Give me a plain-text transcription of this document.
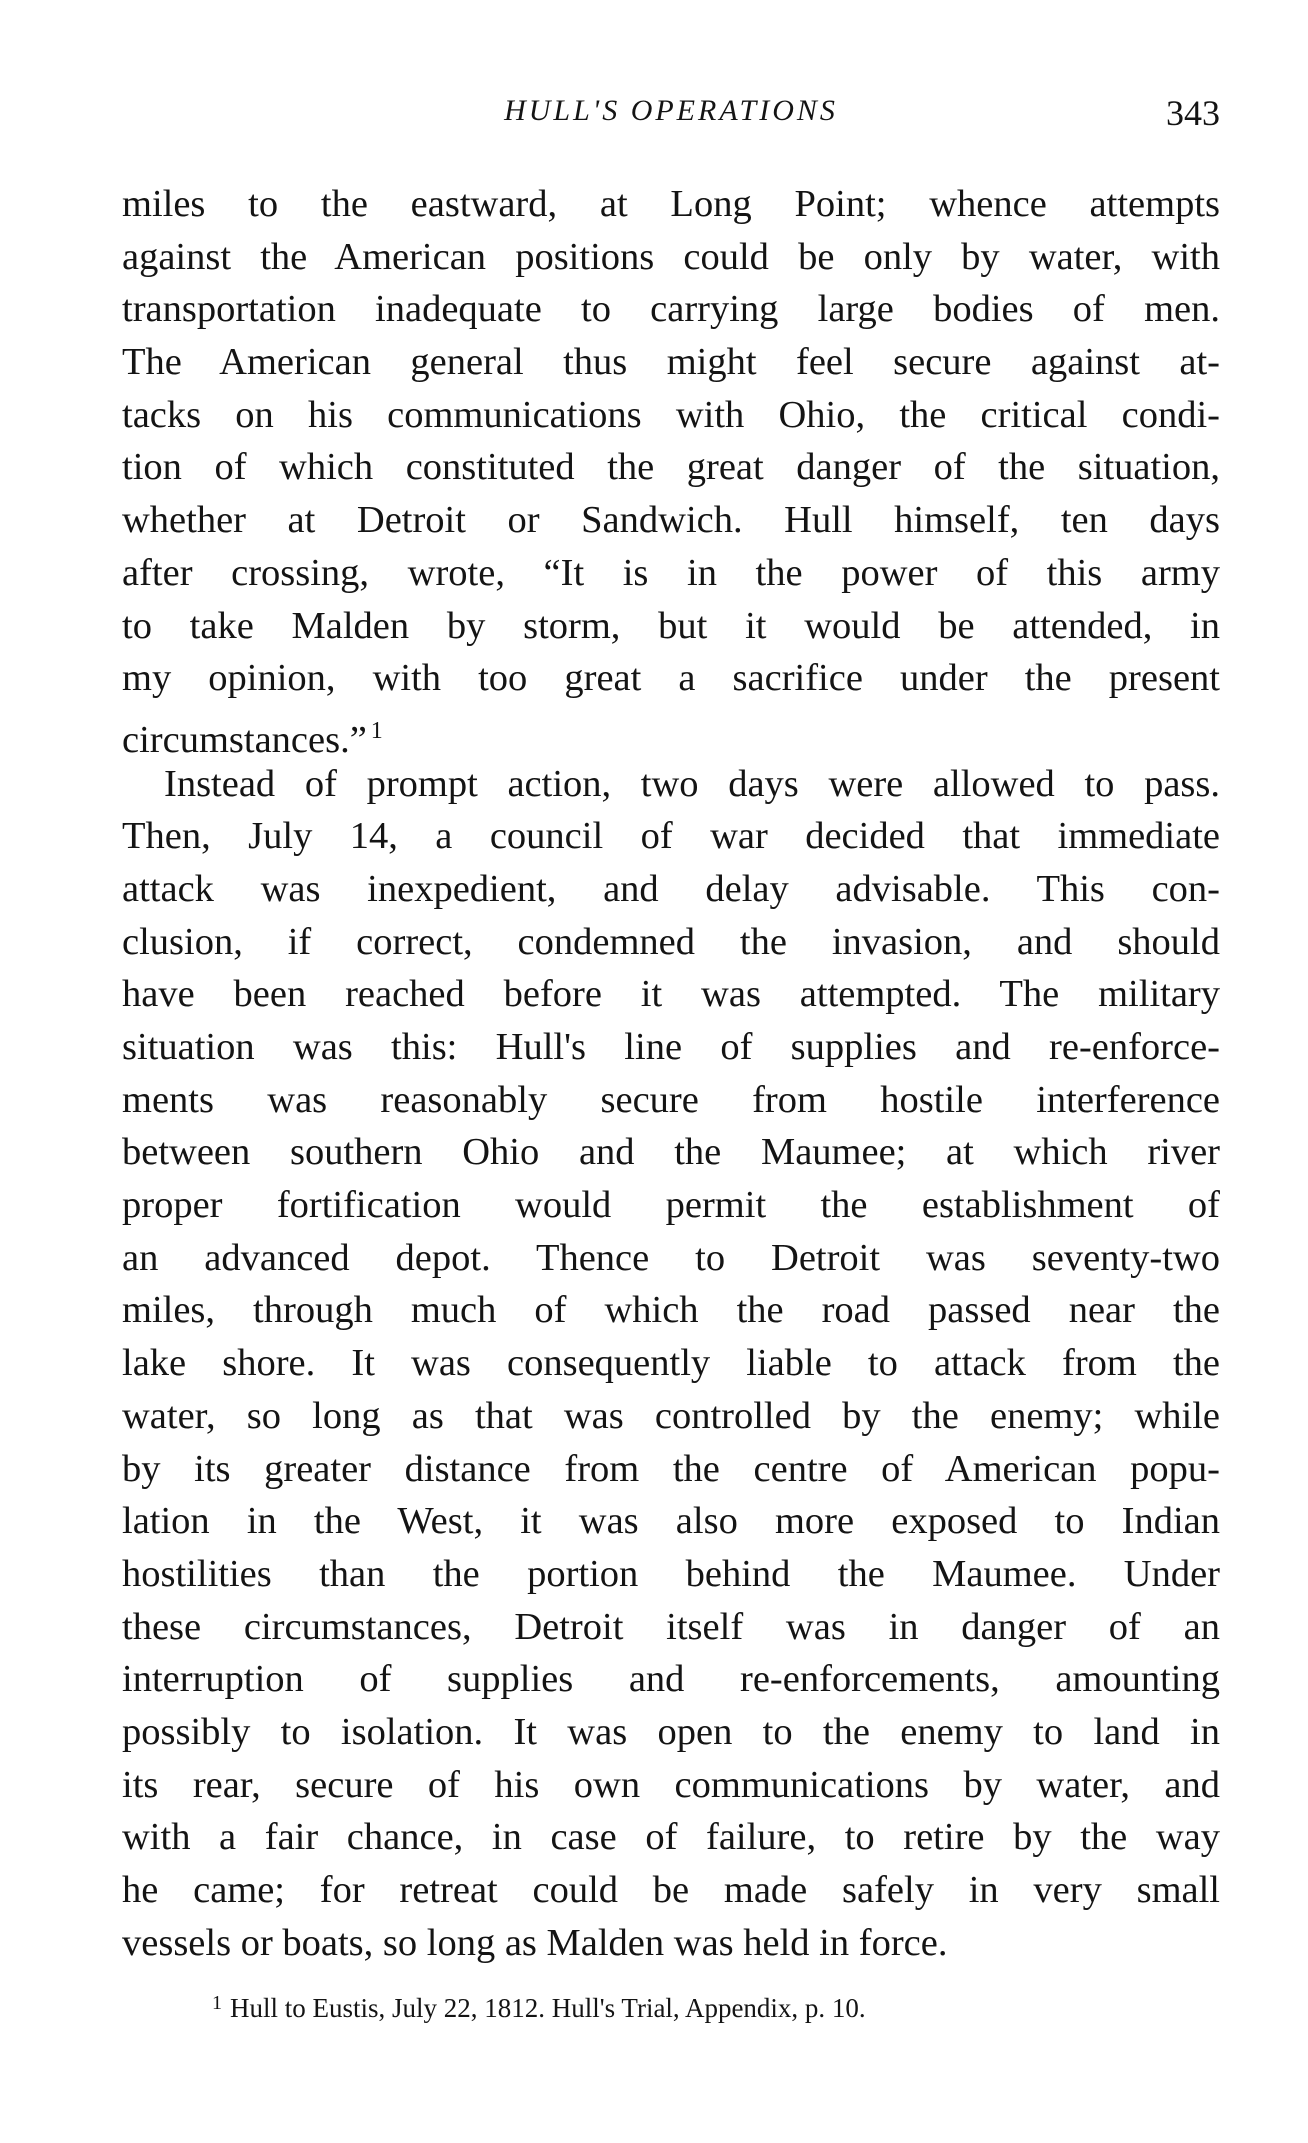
HULL'S OPERATIONS	343
miles to the eastward, at Long Point; whence attempts
against the American positions could be only by water, with
transportation inadequate to carrying large bodies of men.
The American general thus might feel secure against at-
tacks on his communications with Ohio, the critical condi-
tion of which constituted the great danger of the situation,
whether at Detroit or Sandwich. Hull himself, ten days
after crossing, wrote, “It is in the power of this army
to take Malden by storm, but it would be attended, in
my opinion, with too great a sacrifice under the present
circumstances.” $^1$
Instead of prompt action, two days were allowed to pass.
Then, July 14, a council of war decided that immediate
attack was inexpedient, and delay advisable. This con-
clusion, if correct, condemned the invasion, and should
have been reached before it was attempted. The military
situation was this: Hull's line of supplies and re-enforce-
ments was reasonably secure from hostile interference
between southern Ohio and the Maumee; at which river
proper fortification would permit the establishment of
an advanced depot. Thence to Detroit was seventy-two
miles, through much of which the road passed near the
lake shore. It was consequently liable to attack from the
water, so long as that was controlled by the enemy; while
by its greater distance from the centre of American popu-
lation in the West, it was also more exposed to Indian
hostilities than the portion behind the Maumee. Under
these circumstances, Detroit itself was in danger of an
interruption of supplies and re-enforcements, amounting
possibly to isolation. It was open to the enemy to land in
its rear, secure of his own communications by water, and
with a fair chance, in case of failure, to retire by the way
he came; for retreat could be made safely in very small
vessels or boats, so long as Malden was held in force.
$^1$ Hull to Eustis, July 22, 1812. Hull's Trial, Appendix, p. 10.
